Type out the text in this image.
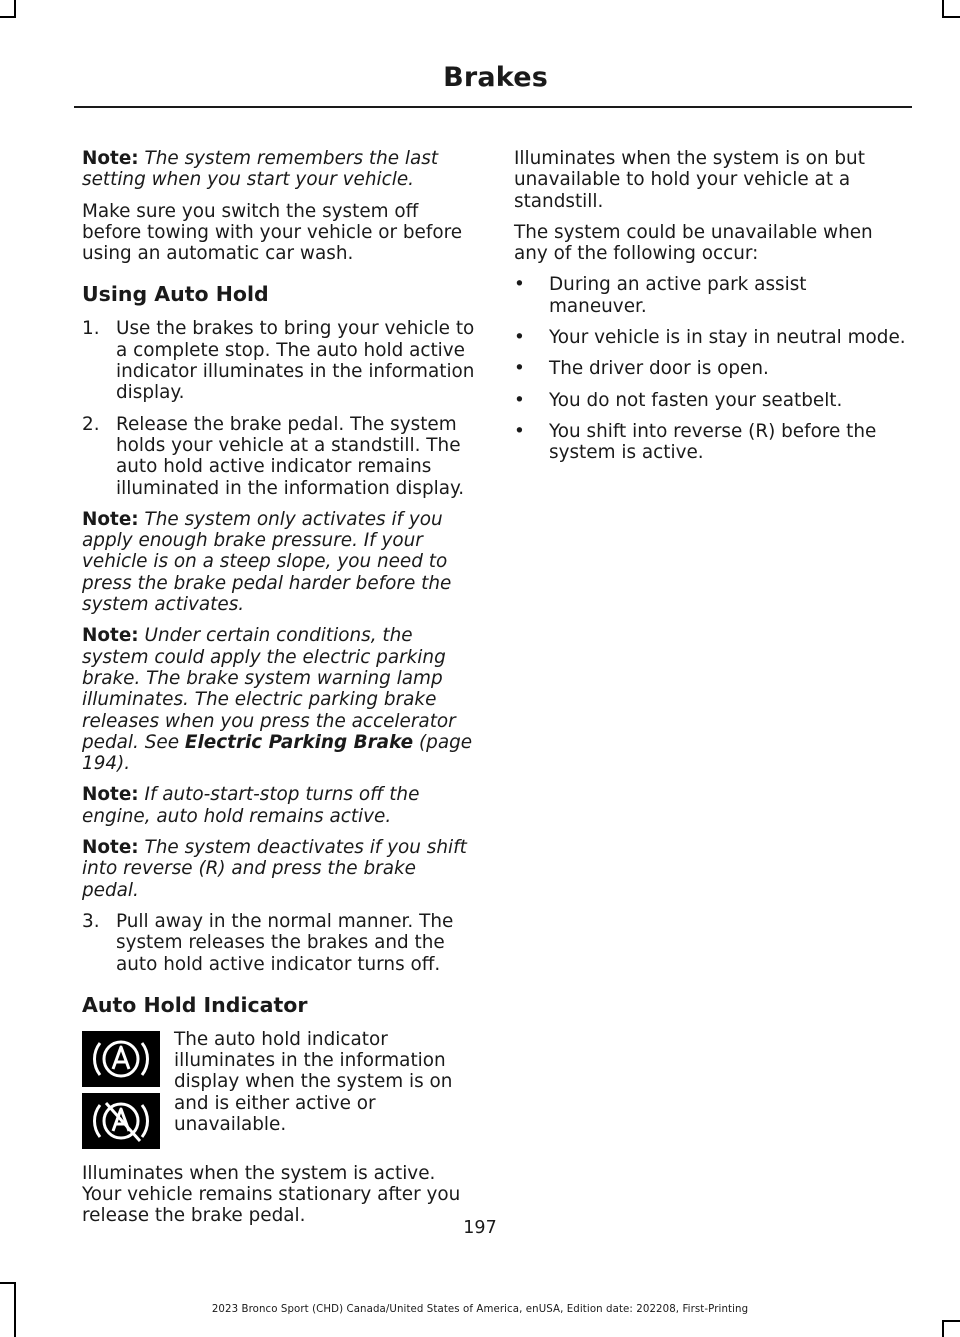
Brakes

Note: The system remembers the last setting when you start your vehicle.

Make sure you switch the system off before towing with your vehicle or before using an automatic car wash.

Using Auto Hold
1. Use the brakes to bring your vehicle to a complete stop. The auto hold active indicator illuminates in the information display.
2. Release the brake pedal. The system holds your vehicle at a standstill. The auto hold active indicator remains illuminated in the information display.

Note: The system only activates if you apply enough brake pressure. If your vehicle is on a steep slope, you need to press the brake pedal harder before the system activates.

Note: Under certain conditions, the system could apply the electric parking brake. The brake system warning lamp illuminates. The electric parking brake releases when you press the accelerator pedal. See Electric Parking Brake (page 194).

Note: If auto-start-stop turns off the engine, auto hold remains active.

Note: The system deactivates if you shift into reverse (R) and press the brake pedal.

3. Pull away in the normal manner. The system releases the brakes and the auto hold active indicator turns off.
Auto Hold Indicator
The auto hold indicator illuminates in the information display when the system is on and is either active or unavailable.

Illuminates when the system is active. Your vehicle remains stationary after you release the brake pedal.

Illuminates when the system is on but unavailable to hold your vehicle at a standstill.

The system could be unavailable when any of the following occur:

• During an active park assist maneuver.
• Your vehicle is in stay in neutral mode.
• The driver door is open.
• You do not fasten your seatbelt.
• You shift into reverse (R) before the system is active.
197
2023 Bronco Sport (CHD) Canada/United States of America, enUSA, Edition date: 202208, First-Printing
